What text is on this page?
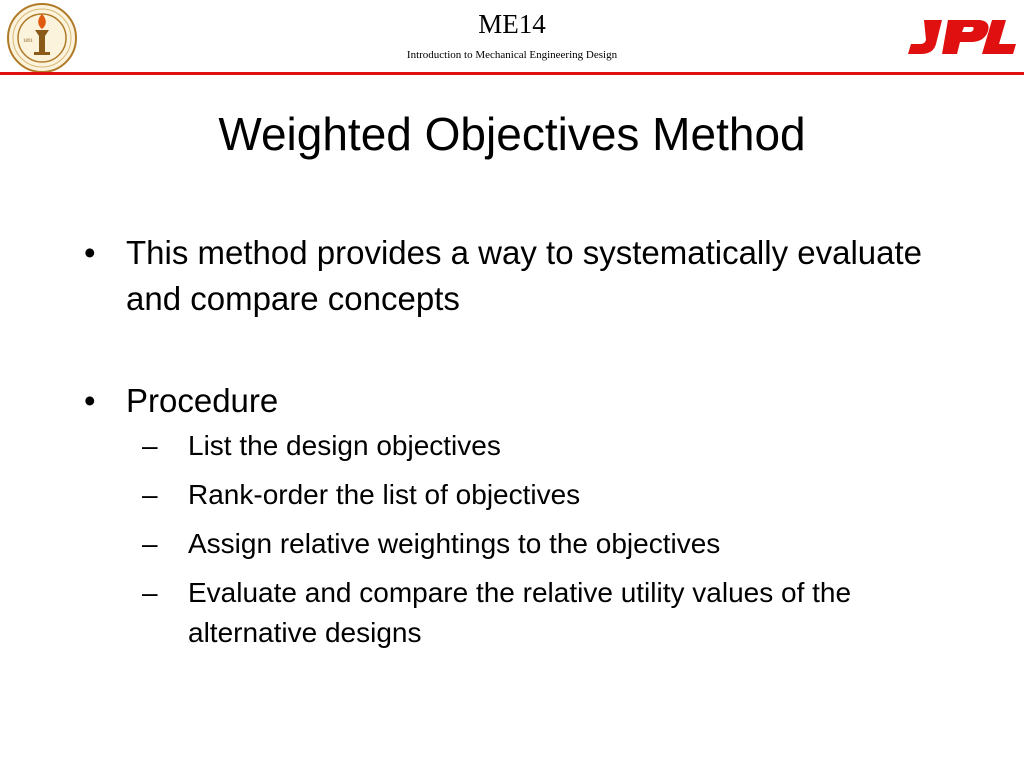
1891
ME14
Introduction to Mechanical Engineering Design
Weighted Objectives Method
• This method provides a way to systematically evaluate and compare concepts
• Procedure
– List the design objectives
– Rank-order the list of objectives
– Assign relative weightings to the objectives
– Evaluate and compare the relative utility values of the alternative designs
